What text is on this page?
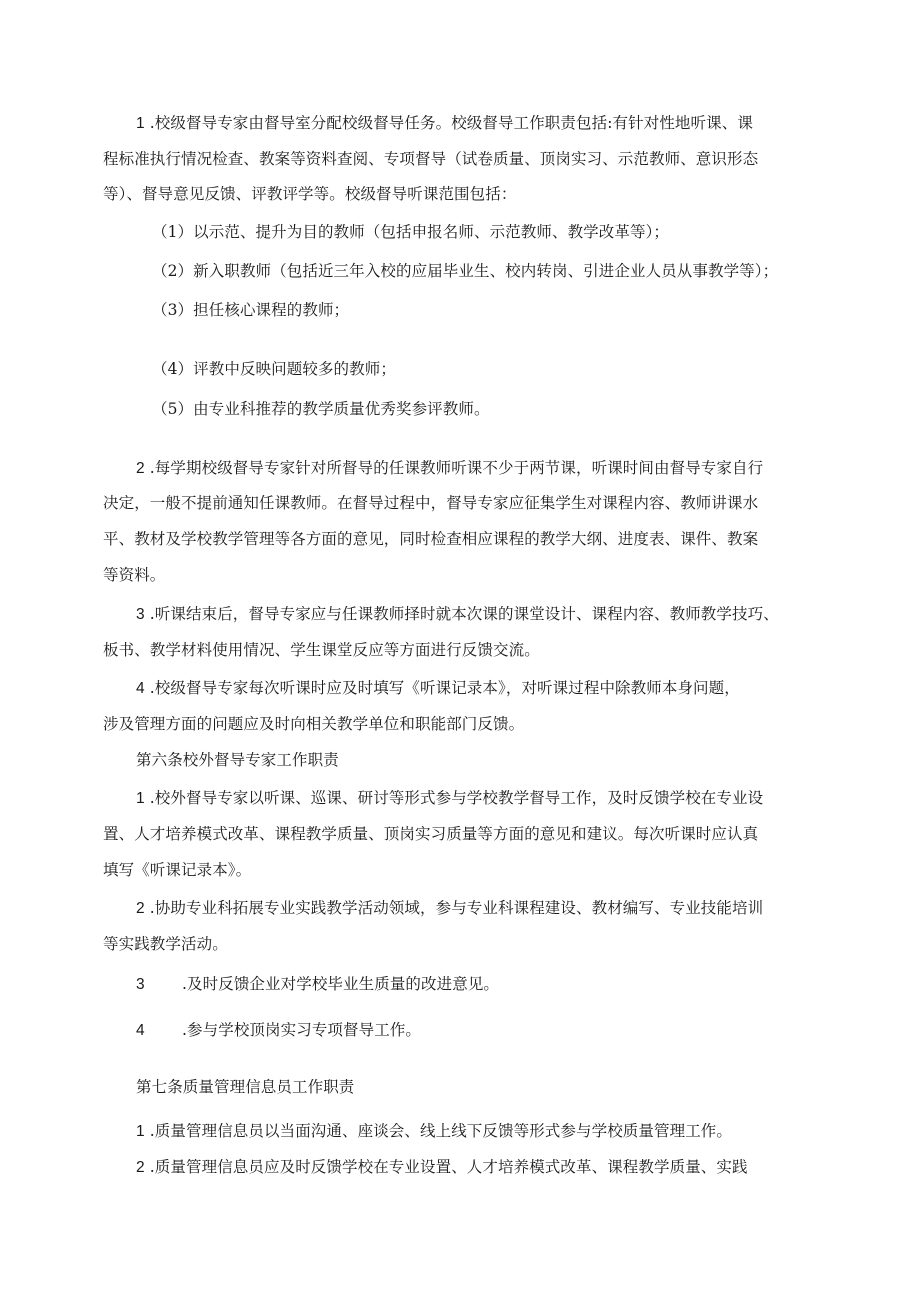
1 .校级督导专家由督导室分配校级督导任务。校级督导工作职责包括:有针对性地听课、课
程标准执行情况检查、教案等资料查阅、专项督导（试卷质量、顶岗实习、示范教师、意识形态
等）、督导意见反馈、评教评学等。校级督导听课范围包括：
（1）以示范、提升为目的教师（包括申报名师、示范教师、教学改革等）；
（2）新入职教师（包括近三年入校的应届毕业生、校内转岗、引进企业人员从事教学等）；
（3）担任核心课程的教师；
（4）评教中反映问题较多的教师；
（5）由专业科推荐的教学质量优秀奖参评教师。
2 .每学期校级督导专家针对所督导的任课教师听课不少于两节课，听课时间由督导专家自行
决定，一般不提前通知任课教师。在督导过程中，督导专家应征集学生对课程内容、教师讲课水
平、教材及学校教学管理等各方面的意见，同时检查相应课程的教学大纲、进度表、课件、教案
等资料。
3 .听课结束后，督导专家应与任课教师择时就本次课的课堂设计、课程内容、教师教学技巧、
板书、教学材料使用情况、学生课堂反应等方面进行反馈交流。
4 .校级督导专家每次听课时应及时填写《听课记录本》，对听课过程中除教师本身问题，
涉及管理方面的问题应及时向相关教学单位和职能部门反馈。
第六条校外督导专家工作职责
1 .校外督导专家以听课、巡课、研讨等形式参与学校教学督导工作，及时反馈学校在专业设
置、人才培养模式改革、课程教学质量、顶岗实习质量等方面的意见和建议。每次听课时应认真
填写《听课记录本》。
2 .协助专业科拓展专业实践教学活动领域，参与专业科课程建设、教材编写、专业技能培训
等实践教学活动。
3 .及时反馈企业对学校毕业生质量的改进意见。
4 .参与学校顶岗实习专项督导工作。
第七条质量管理信息员工作职责
1 .质量管理信息员以当面沟通、座谈会、线上线下反馈等形式参与学校质量管理工作。
2 .质量管理信息员应及时反馈学校在专业设置、人才培养模式改革、课程教学质量、实践
